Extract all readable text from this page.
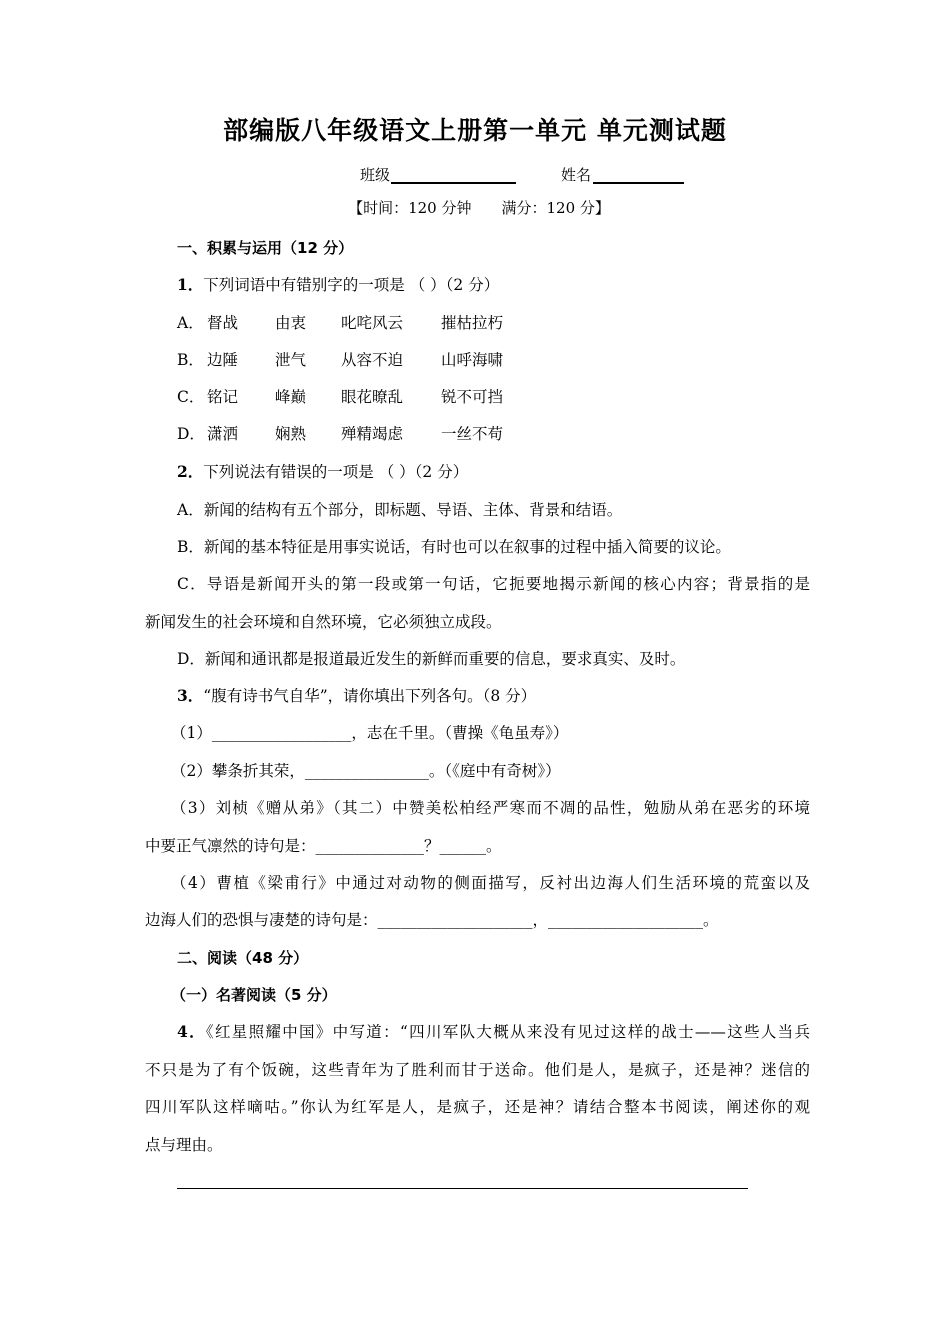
部编版八年级语文上册第一单元 单元测试题
班级	姓名
【时间：120 分钟 满分：120 分】
一、积累与运用（12 分）
1．下列词语中有错别字的一项是 （ ）（2 分）
A． 督战 由衷 叱咤风云 摧枯拉朽
B． 边陲 泄气 从容不迫 山呼海啸
C． 铭记 峰巅 眼花暸乱 锐不可挡
D． 潇洒 娴熟 殚精竭虑 一丝不苟
2．下列说法有错误的一项是 （ ）（2 分）
A．新闻的结构有五个部分，即标题、导语、主体、背景和结语。
B．新闻的基本特征是用事实说话，有时也可以在叙事的过程中插入简要的议论。
C．导语是新闻开头的第一段或第一句话，它扼要地揭示新闻的核心内容；背景指的是
新闻发生的社会环境和自然环境，它必须独立成段。
D．新闻和通讯都是报道最近发生的新鲜而重要的信息，要求真实、及时。
3．“腹有诗书气自华”，请你填出下列各句。（8 分）
（1）__________________，志在千里。（曹操《龟虽寿》）
（2）攀条折其荣，________________。（《庭中有奇树》）
（3）刘桢《赠从弟》（其二）中赞美松柏经严寒而不凋的品性，勉励从弟在恶劣的环境
中要正气凛然的诗句是：______________？______。
（4）曹植《梁甫行》中通过对动物的侧面描写，反衬出边海人们生活环境的荒蛮以及
边海人们的恐惧与凄楚的诗句是：____________________，____________________。
二、阅读（48 分）
（一）名著阅读（5 分）
4．《红星照耀中国》中写道：“四川军队大概从来没有见过这样的战士——这些人当兵
不只是为了有个饭碗，这些青年为了胜利而甘于送命。他们是人，是疯子，还是神？迷信的
四川军队这样嘀咕。”你认为红军是人，是疯子，还是神？请结合整本书阅读，阐述你的观
点与理由。
